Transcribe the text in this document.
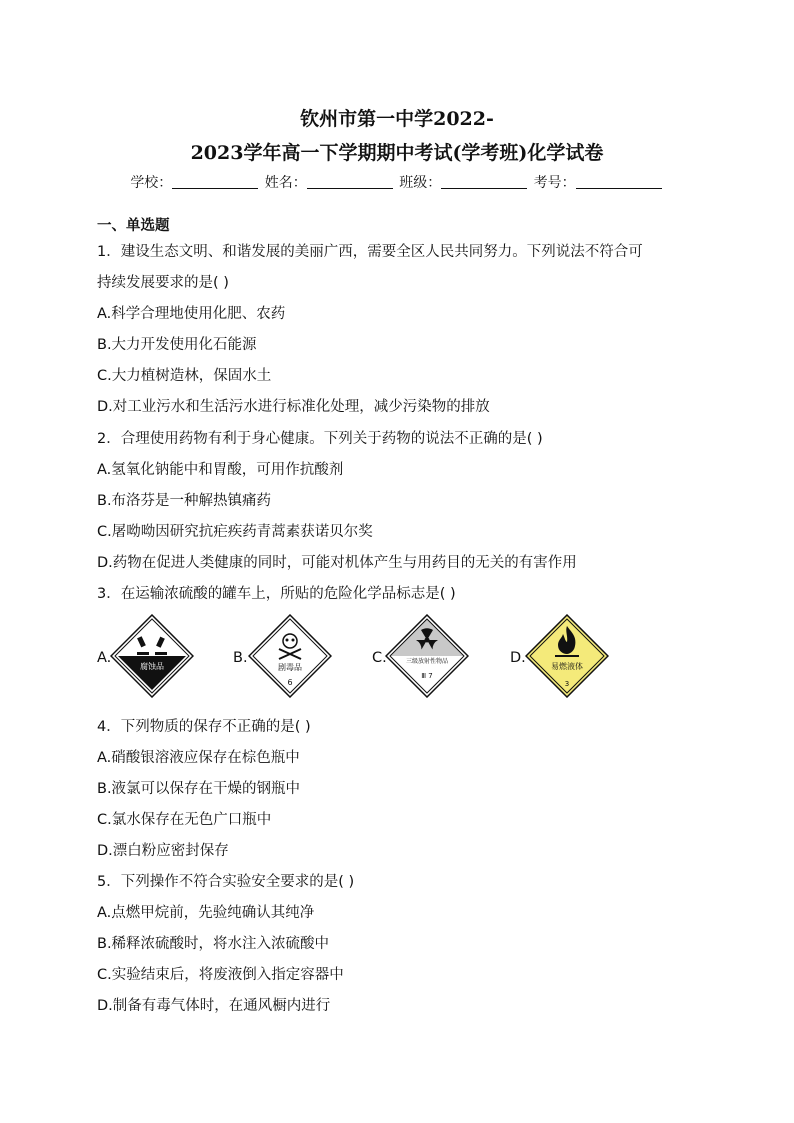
钦州市第一中学2022-
2023学年高一下学期期中考试(学考班)化学试卷
学校：	姓名：	班级：	考号：
一、单选题
1．建设生态文明、和谐发展的美丽广西，需要全区人民共同努力。下列说法不符合可
持续发展要求的是( )
A.科学合理地使用化肥、农药
B.大力开发使用化石能源
C.大力植树造林，保固水土
D.对工业污水和生活污水进行标准化处理，减少污染物的排放
2．合理使用药物有利于身心健康。下列关于药物的说法不正确的是( )
A.氢氧化钠能中和胃酸，可用作抗酸剂
B.布洛芬是一种解热镇痛药
C.屠呦呦因研究抗疟疾药青蒿素获诺贝尔奖
D.药物在促进人类健康的同时，可能对机体产生与用药目的无关的有害作用
3．在运输浓硫酸的罐车上，所贴的危险化学品标志是( )
A.	B.	C.	D.
腐蚀品	剧毒品
6
三级放射性物品
Ⅲ 7
易燃液体
3
4．下列物质的保存不正确的是( )
A.硝酸银溶液应保存在棕色瓶中
B.液氯可以保存在干燥的钢瓶中
C.氯水保存在无色广口瓶中
D.漂白粉应密封保存
5．下列操作不符合实验安全要求的是( )
A.点燃甲烷前，先验纯确认其纯净
B.稀释浓硫酸时，将水注入浓硫酸中
C.实验结束后，将废液倒入指定容器中
D.制备有毒气体时，在通风橱内进行
